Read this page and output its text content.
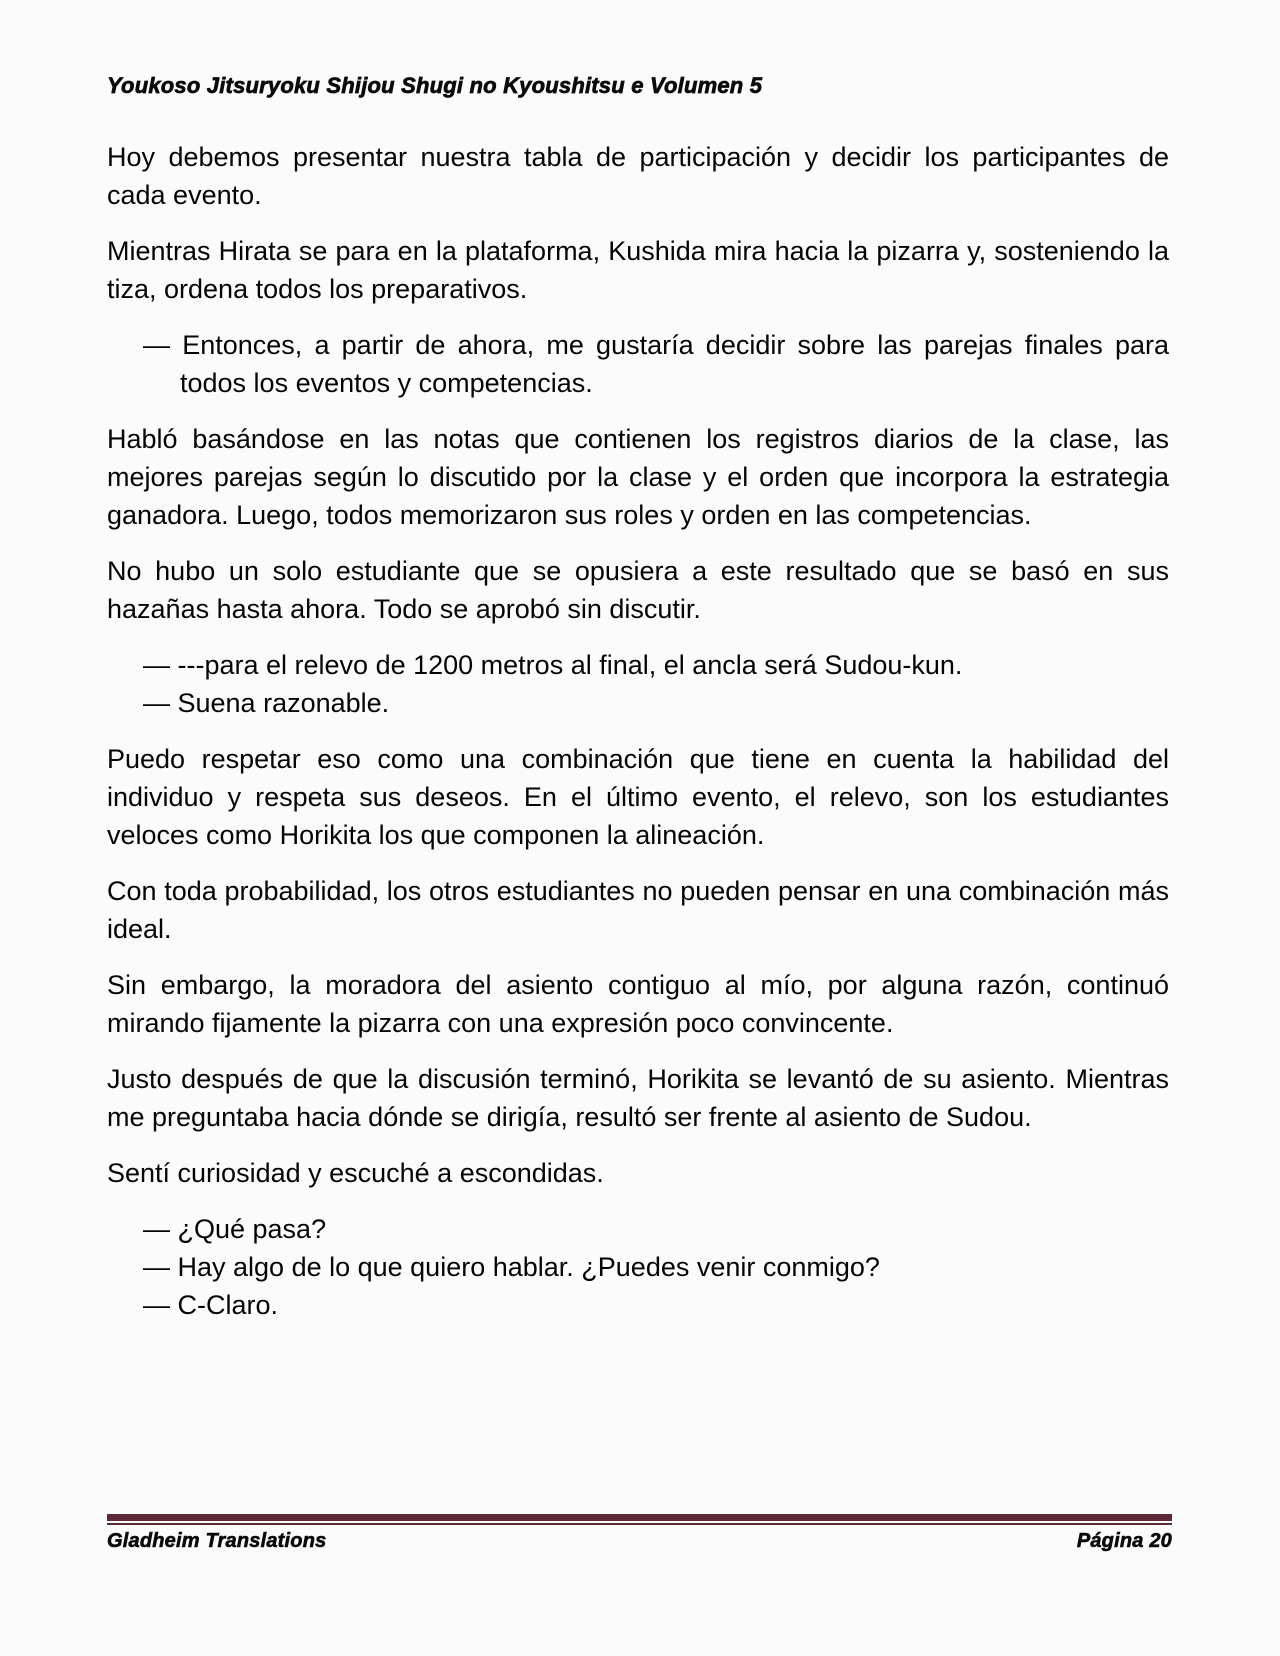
Youkoso Jitsuryoku Shijou Shugi no Kyoushitsu e Volumen 5

Hoy debemos presentar nuestra tabla de participación y decidir los participantes de cada evento.

Mientras Hirata se para en la plataforma, Kushida mira hacia la pizarra y, sosteniendo la tiza, ordena todos los preparativos.

— Entonces, a partir de ahora, me gustaría decidir sobre las parejas finales para todos los eventos y competencias.

Habló basándose en las notas que contienen los registros diarios de la clase, las mejores parejas según lo discutido por la clase y el orden que incorpora la estrategia ganadora. Luego, todos memorizaron sus roles y orden en las competencias.

No hubo un solo estudiante que se opusiera a este resultado que se basó en sus hazañas hasta ahora. Todo se aprobó sin discutir.

— ---para el relevo de 1200 metros al final, el ancla será Sudou-kun.

— Suena razonable.

Puedo respetar eso como una combinación que tiene en cuenta la habilidad del individuo y respeta sus deseos. En el último evento, el relevo, son los estudiantes veloces como Horikita los que componen la alineación.

Con toda probabilidad, los otros estudiantes no pueden pensar en una combinación más ideal.

Sin embargo, la moradora del asiento contiguo al mío, por alguna razón, continuó mirando fijamente la pizarra con una expresión poco convincente.

Justo después de que la discusión terminó, Horikita se levantó de su asiento. Mientras me preguntaba hacia dónde se dirigía, resultó ser frente al asiento de Sudou.

Sentí curiosidad y escuché a escondidas.

— ¿Qué pasa?

— Hay algo de lo que quiero hablar. ¿Puedes venir conmigo?

— C-Claro.

Gladheim Translations	Página 20
